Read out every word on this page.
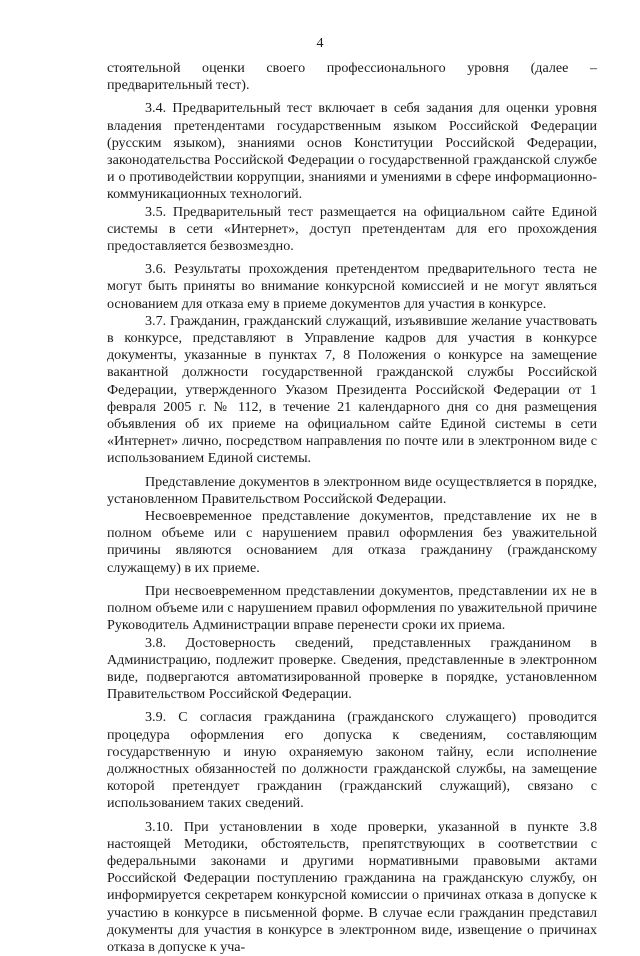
4

стоятельной оценки своего профессионального уровня (далее – предварительный тест).

3.4. Предварительный тест включает в себя задания для оценки уровня владения претендентами государственным языком Российской Федерации (русским языком), знаниями основ Конституции Российской Федерации, законодательства Российской Федерации о государственной гражданской службе и о противодействии коррупции, знаниями и умениями в сфере информационно-коммуникационных технологий.

3.5. Предварительный тест размещается на официальном сайте Единой системы в сети «Интернет», доступ претендентам для его прохождения предоставляется безвозмездно.

3.6. Результаты прохождения претендентом предварительного теста не могут быть приняты во внимание конкурсной комиссией и не могут являться основанием для отказа ему в приеме документов для участия в конкурсе.

3.7. Гражданин, гражданский служащий, изъявившие желание участвовать в конкурсе, представляют в Управление кадров для участия в конкурсе документы, указанные в пунктах 7, 8 Положения о конкурсе на замещение вакантной должности государственной гражданской службы Российской Федерации, утвержденного Указом Президента Российской Федерации от 1 февраля 2005 г. № 112, в течение 21 календарного дня со дня размещения объявления об их приеме на официальном сайте Единой системы в сети «Интернет» лично, посредством направления по почте или в электронном виде с использованием Единой системы.

Представление документов в электронном виде осуществляется в порядке, установленном Правительством Российской Федерации.

Несвоевременное представление документов, представление их не в полном объеме или с нарушением правил оформления без уважительной причины являются основанием для отказа гражданину (гражданскому служащему) в их приеме.

При несвоевременном представлении документов, представлении их не в полном объеме или с нарушением правил оформления по уважительной причине Руководитель Администрации вправе перенести сроки их приема.

3.8. Достоверность сведений, представленных гражданином в Администрацию, подлежит проверке. Сведения, представленные в электронном виде, подвергаются автоматизированной проверке в порядке, установленном Правительством Российской Федерации.

3.9. С согласия гражданина (гражданского служащего) проводится процедура оформления его допуска к сведениям, составляющим государственную и иную охраняемую законом тайну, если исполнение должностных обязанностей по должности гражданской службы, на замещение которой претендует гражданин (гражданский служащий), связано с использованием таких сведений.

3.10. При установлении в ходе проверки, указанной в пункте 3.8 настоящей Методики, обстоятельств, препятствующих в соответствии с федеральными законами и другими нормативными правовыми актами Российской Федерации поступлению гражданина на гражданскую службу, он информируется секретарем конкурсной комиссии о причинах отказа в допуске к участию в конкурсе в письменной форме. В случае если гражданин представил документы для участия в конкурсе в электронном виде, извещение о причинах отказа в допуске к уча-
